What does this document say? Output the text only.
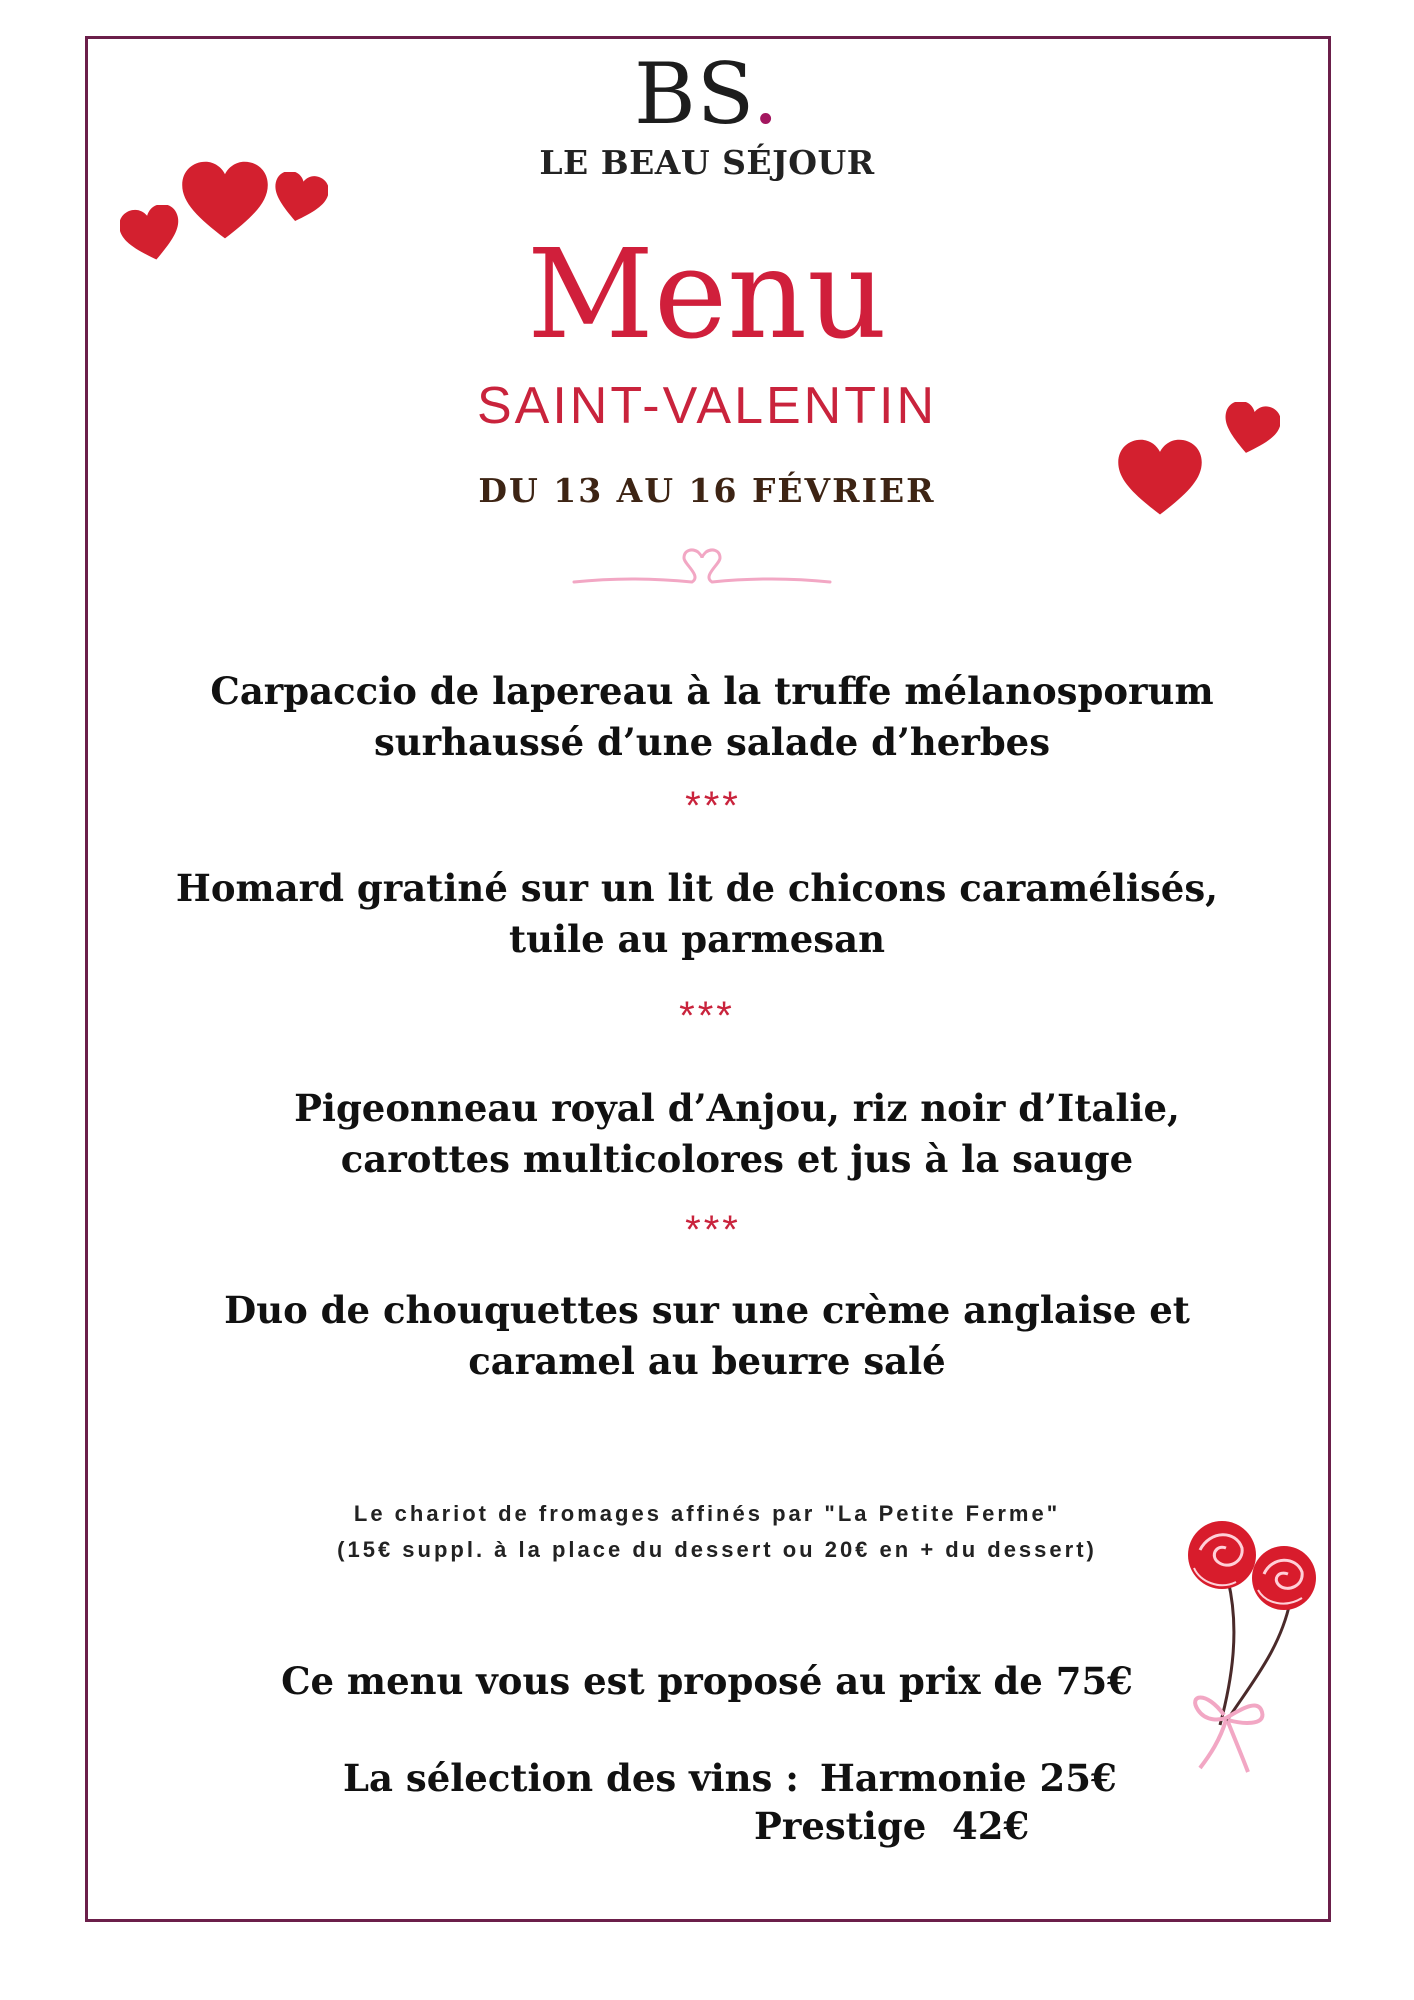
BS.
LE BEAU SÉJOUR
Menu
SAINT-VALENTIN
DU 13 AU 16 FÉVRIER
Carpaccio de lapereau à la truffe mélanosporum
surhaussé d’une salade d’herbes
***
Homard gratiné sur un lit de chicons caramélisés,
tuile au parmesan
***
Pigeonneau royal d’Anjou, riz noir d’Italie,
carottes multicolores et jus à la sauge
***
Duo de chouquettes sur une crème anglaise et
caramel au beurre salé
Le chariot de fromages affinés par "La Petite Ferme"
(15€ suppl. à la place du dessert ou 20€ en + du dessert)
Ce menu vous est proposé au prix de 75€
La sélection des vins : Harmonie 25€
Prestige  42€
